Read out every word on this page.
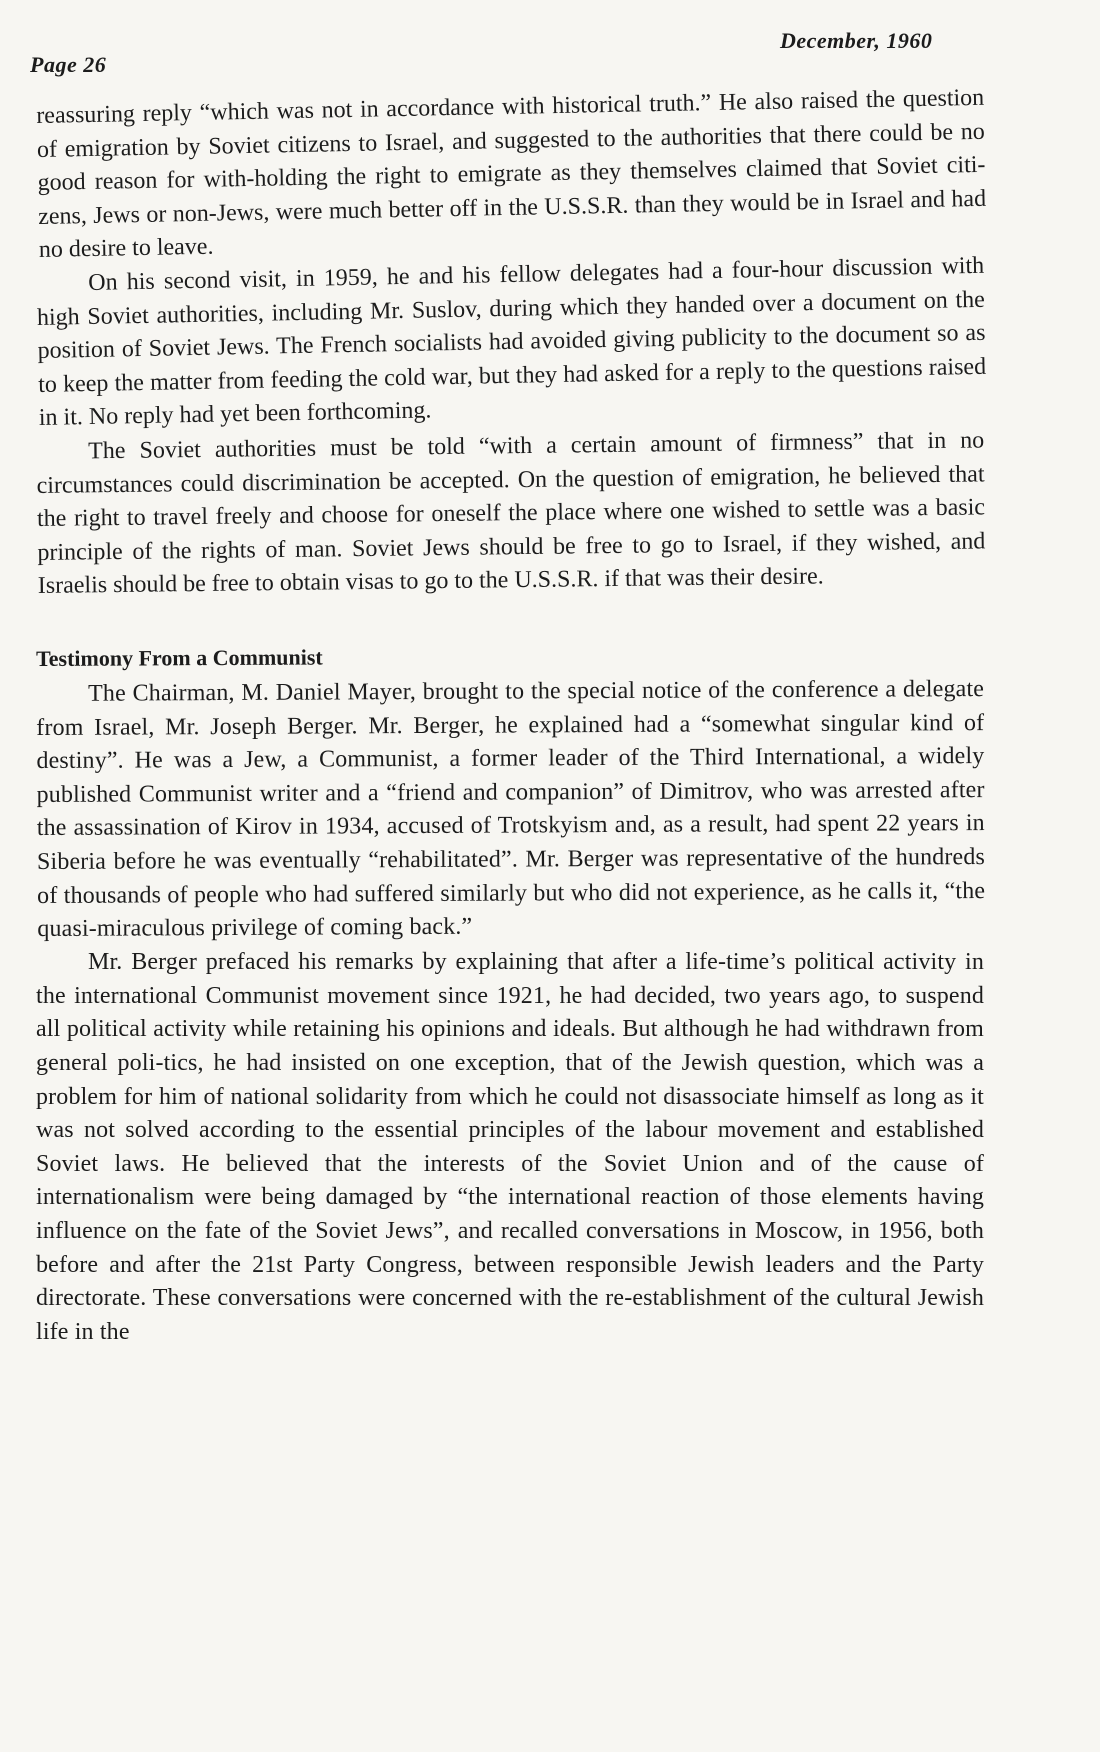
Page 26
December, 1960

reassuring reply “which was not in accordance with historical truth.” He also raised the question of emigration by Soviet citizens to Israel, and suggested to the authorities that there could be no good reason for with-holding the right to emigrate as they themselves claimed that Soviet citi-zens, Jews or non-Jews, were much better off in the U.S.S.R. than they would be in Israel and had no desire to leave.

On his second visit, in 1959, he and his fellow delegates had a four-hour discussion with high Soviet authorities, including Mr. Suslov, during which they handed over a document on the position of Soviet Jews. The French socialists had avoided giving publicity to the document so as to keep the matter from feeding the cold war, but they had asked for a reply to the questions raised in it. No reply had yet been forthcoming.

The Soviet authorities must be told “with a certain amount of firmness” that in no circumstances could discrimination be accepted. On the question of emigration, he believed that the right to travel freely and choose for oneself the place where one wished to settle was a basic principle of the rights of man. Soviet Jews should be free to go to Israel, if they wished, and Israelis should be free to obtain visas to go to the U.S.S.R. if that was their desire.

Testimony From a Communist

The Chairman, M. Daniel Mayer, brought to the special notice of the conference a delegate from Israel, Mr. Joseph Berger. Mr. Berger, he explained had a “somewhat singular kind of destiny”. He was a Jew, a Communist, a former leader of the Third International, a widely published Communist writer and a “friend and companion” of Dimitrov, who was arrested after the assassination of Kirov in 1934, accused of Trotskyism and, as a result, had spent 22 years in Siberia before he was eventually “rehabilitated”. Mr. Berger was representative of the hundreds of thousands of people who had suffered similarly but who did not experience, as he calls it, “the quasi-miraculous privilege of coming back.”

Mr. Berger prefaced his remarks by explaining that after a life-time’s political activity in the international Communist movement since 1921, he had decided, two years ago, to suspend all political activity while retaining his opinions and ideals. But although he had withdrawn from general poli-tics, he had insisted on one exception, that of the Jewish question, which was a problem for him of national solidarity from which he could not disassociate himself as long as it was not solved according to the essential principles of the labour movement and established Soviet laws. He believed that the interests of the Soviet Union and of the cause of internationalism were being damaged by “the international reaction of those elements having influence on the fate of the Soviet Jews”, and recalled conversations in Moscow, in 1956, both before and after the 21st Party Congress, between responsible Jewish leaders and the Party directorate. These conversations were concerned with the re-establishment of the cultural Jewish life in the
